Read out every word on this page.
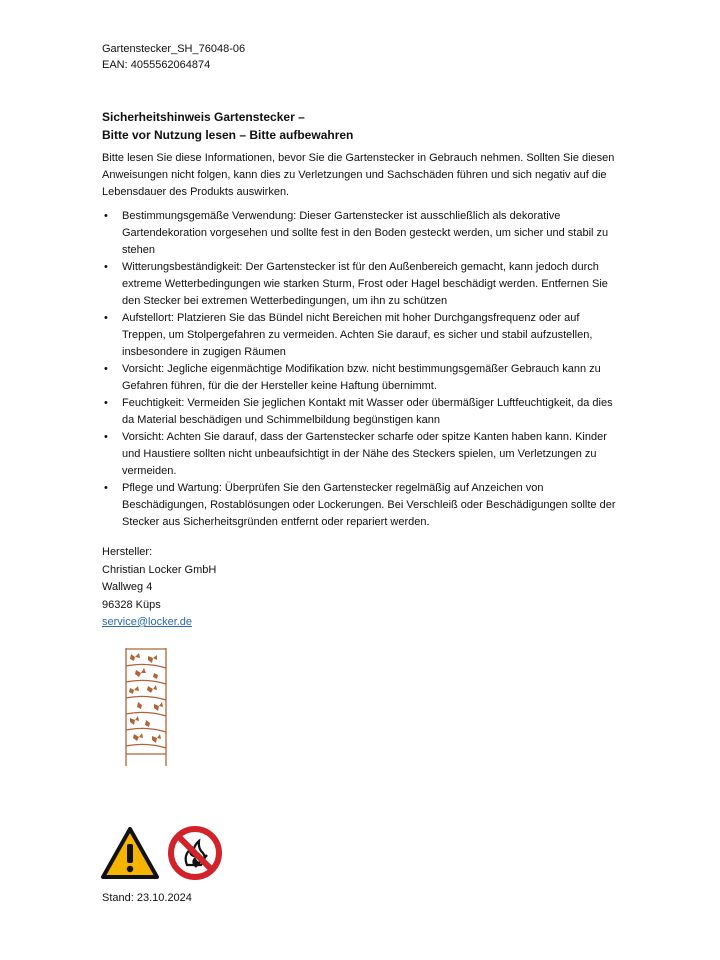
Gartenstecker_SH_76048-06
EAN: 4055562064874
Sicherheitshinweis Gartenstecker –
Bitte vor Nutzung lesen – Bitte aufbewahren
Bitte lesen Sie diese Informationen, bevor Sie die Gartenstecker in Gebrauch nehmen. Sollten Sie diesen Anweisungen nicht folgen, kann dies zu Verletzungen und Sachschäden führen und sich negativ auf die Lebensdauer des Produkts auswirken.
• Bestimmungsgemäße Verwendung: Dieser Gartenstecker ist ausschließlich als dekorative Gartendekoration vorgesehen und sollte fest in den Boden gesteckt werden, um sicher und stabil zu stehen
• Witterungsbeständigkeit: Der Gartenstecker ist für den Außenbereich gemacht, kann jedoch durch extreme Wetterbedingungen wie starken Sturm, Frost oder Hagel beschädigt werden. Entfernen Sie den Stecker bei extremen Wetterbedingungen, um ihn zu schützen
• Aufstellort: Platzieren Sie das Bündel nicht Bereichen mit hoher Durchgangsfrequenz oder auf Treppen, um Stolpergefahren zu vermeiden. Achten Sie darauf, es sicher und stabil aufzustellen, insbesondere in zugigen Räumen
• Vorsicht: Jegliche eigenmächtige Modifikation bzw. nicht bestimmungsgemäßer Gebrauch kann zu Gefahren führen, für die der Hersteller keine Haftung übernimmt.
• Feuchtigkeit: Vermeiden Sie jeglichen Kontakt mit Wasser oder übermäßiger Luftfeuchtigkeit, da dies da Material beschädigen und Schimmelbildung begünstigen kann
• Vorsicht: Achten Sie darauf, dass der Gartenstecker scharfe oder spitze Kanten haben kann. Kinder und Haustiere sollten nicht unbeaufsichtigt in der Nähe des Steckers spielen, um Verletzungen zu vermeiden.
• Pflege und Wartung: Überprüfen Sie den Gartenstecker regelmäßig auf Anzeichen von Beschädigungen, Rostablösungen oder Lockerungen. Bei Verschleiß oder Beschädigungen sollte der Stecker aus Sicherheitsgründen entfernt oder repariert werden.
Hersteller:
Christian Locker GmbH
Wallweg 4
96328 Küps
service@locker.de
Stand: 23.10.2024
